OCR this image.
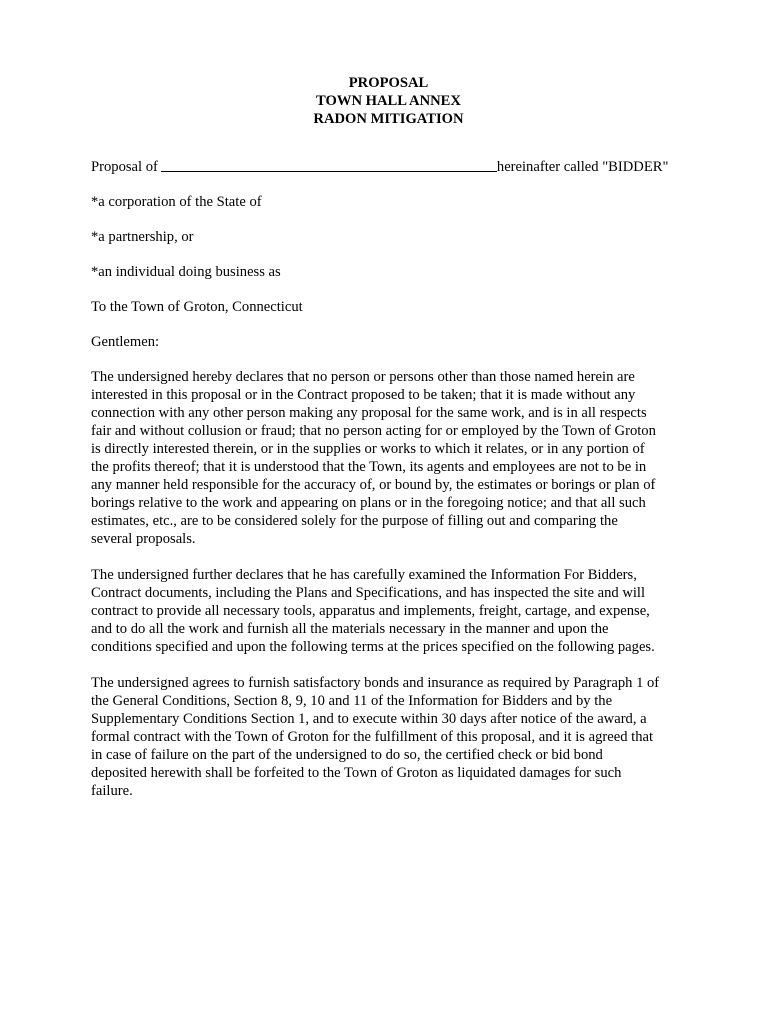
PROPOSAL
TOWN HALL ANNEX
RADON MITIGATION
Proposal of	hereinafter called "BIDDER"
*a corporation of the State of
*a partnership, or
*an individual doing business as
To the Town of Groton, Connecticut
Gentlemen:
The undersigned hereby declares that no person or persons other than those named herein are
interested in this proposal or in the Contract proposed to be taken; that it is made without any
connection with any other person making any proposal for the same work, and is in all respects
fair and without collusion or fraud; that no person acting for or employed by the Town of Groton
is directly interested therein, or in the supplies or works to which it relates, or in any portion of
the profits thereof; that it is understood that the Town, its agents and employees are not to be in
any manner held responsible for the accuracy of, or bound by, the estimates or borings or plan of
borings relative to the work and appearing on plans or in the foregoing notice; and that all such
estimates, etc., are to be considered solely for the purpose of filling out and comparing the
several proposals.
The undersigned further declares that he has carefully examined the Information For Bidders,
Contract documents, including the Plans and Specifications, and has inspected the site and will
contract to provide all necessary tools, apparatus and implements, freight, cartage, and expense,
and to do all the work and furnish all the materials necessary in the manner and upon the
conditions specified and upon the following terms at the prices specified on the following pages.
The undersigned agrees to furnish satisfactory bonds and insurance as required by Paragraph 1 of
the General Conditions, Section 8, 9, 10 and 11 of the Information for Bidders and by the
Supplementary Conditions Section 1, and to execute within 30 days after notice of the award, a
formal contract with the Town of Groton for the fulfillment of this proposal, and it is agreed that
in case of failure on the part of the undersigned to do so, the certified check or bid bond
deposited herewith shall be forfeited to the Town of Groton as liquidated damages for such
failure.
